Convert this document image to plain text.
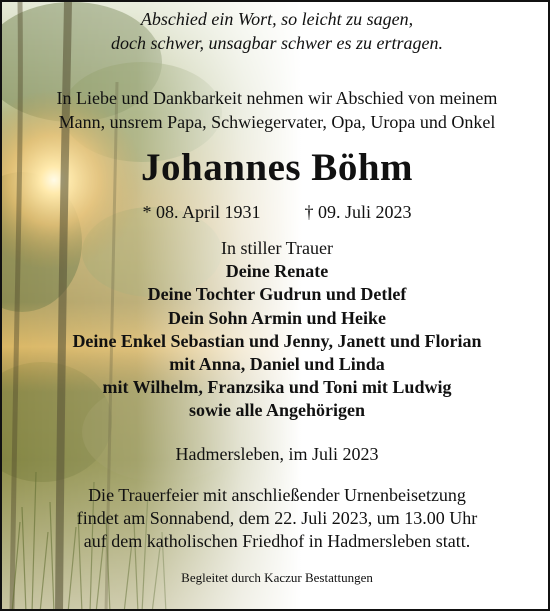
Abschied ein Wort, so leicht zu sagen,
doch schwer, unsagbar schwer es zu ertragen.
In Liebe und Dankbarkeit nehmen wir Abschied von meinem
Mann, unsrem Papa, Schwiegervater, Opa, Uropa und Onkel
Johannes Böhm
* 08. April 1931 † 09. Juli 2023
In stiller Trauer
Deine Renate
Deine Tochter Gudrun und Detlef
Dein Sohn Armin und Heike
Deine Enkel Sebastian und Jenny, Janett und Florian
mit Anna, Daniel und Linda
mit Wilhelm, Franzsika und Toni mit Ludwig
sowie alle Angehörigen
Hadmersleben, im Juli 2023
Die Trauerfeier mit anschließender Urnenbeisetzung
findet am Sonnabend, dem 22. Juli 2023, um 13.00 Uhr
auf dem katholischen Friedhof in Hadmersleben statt.
Begleitet durch Kaczur Bestattungen
